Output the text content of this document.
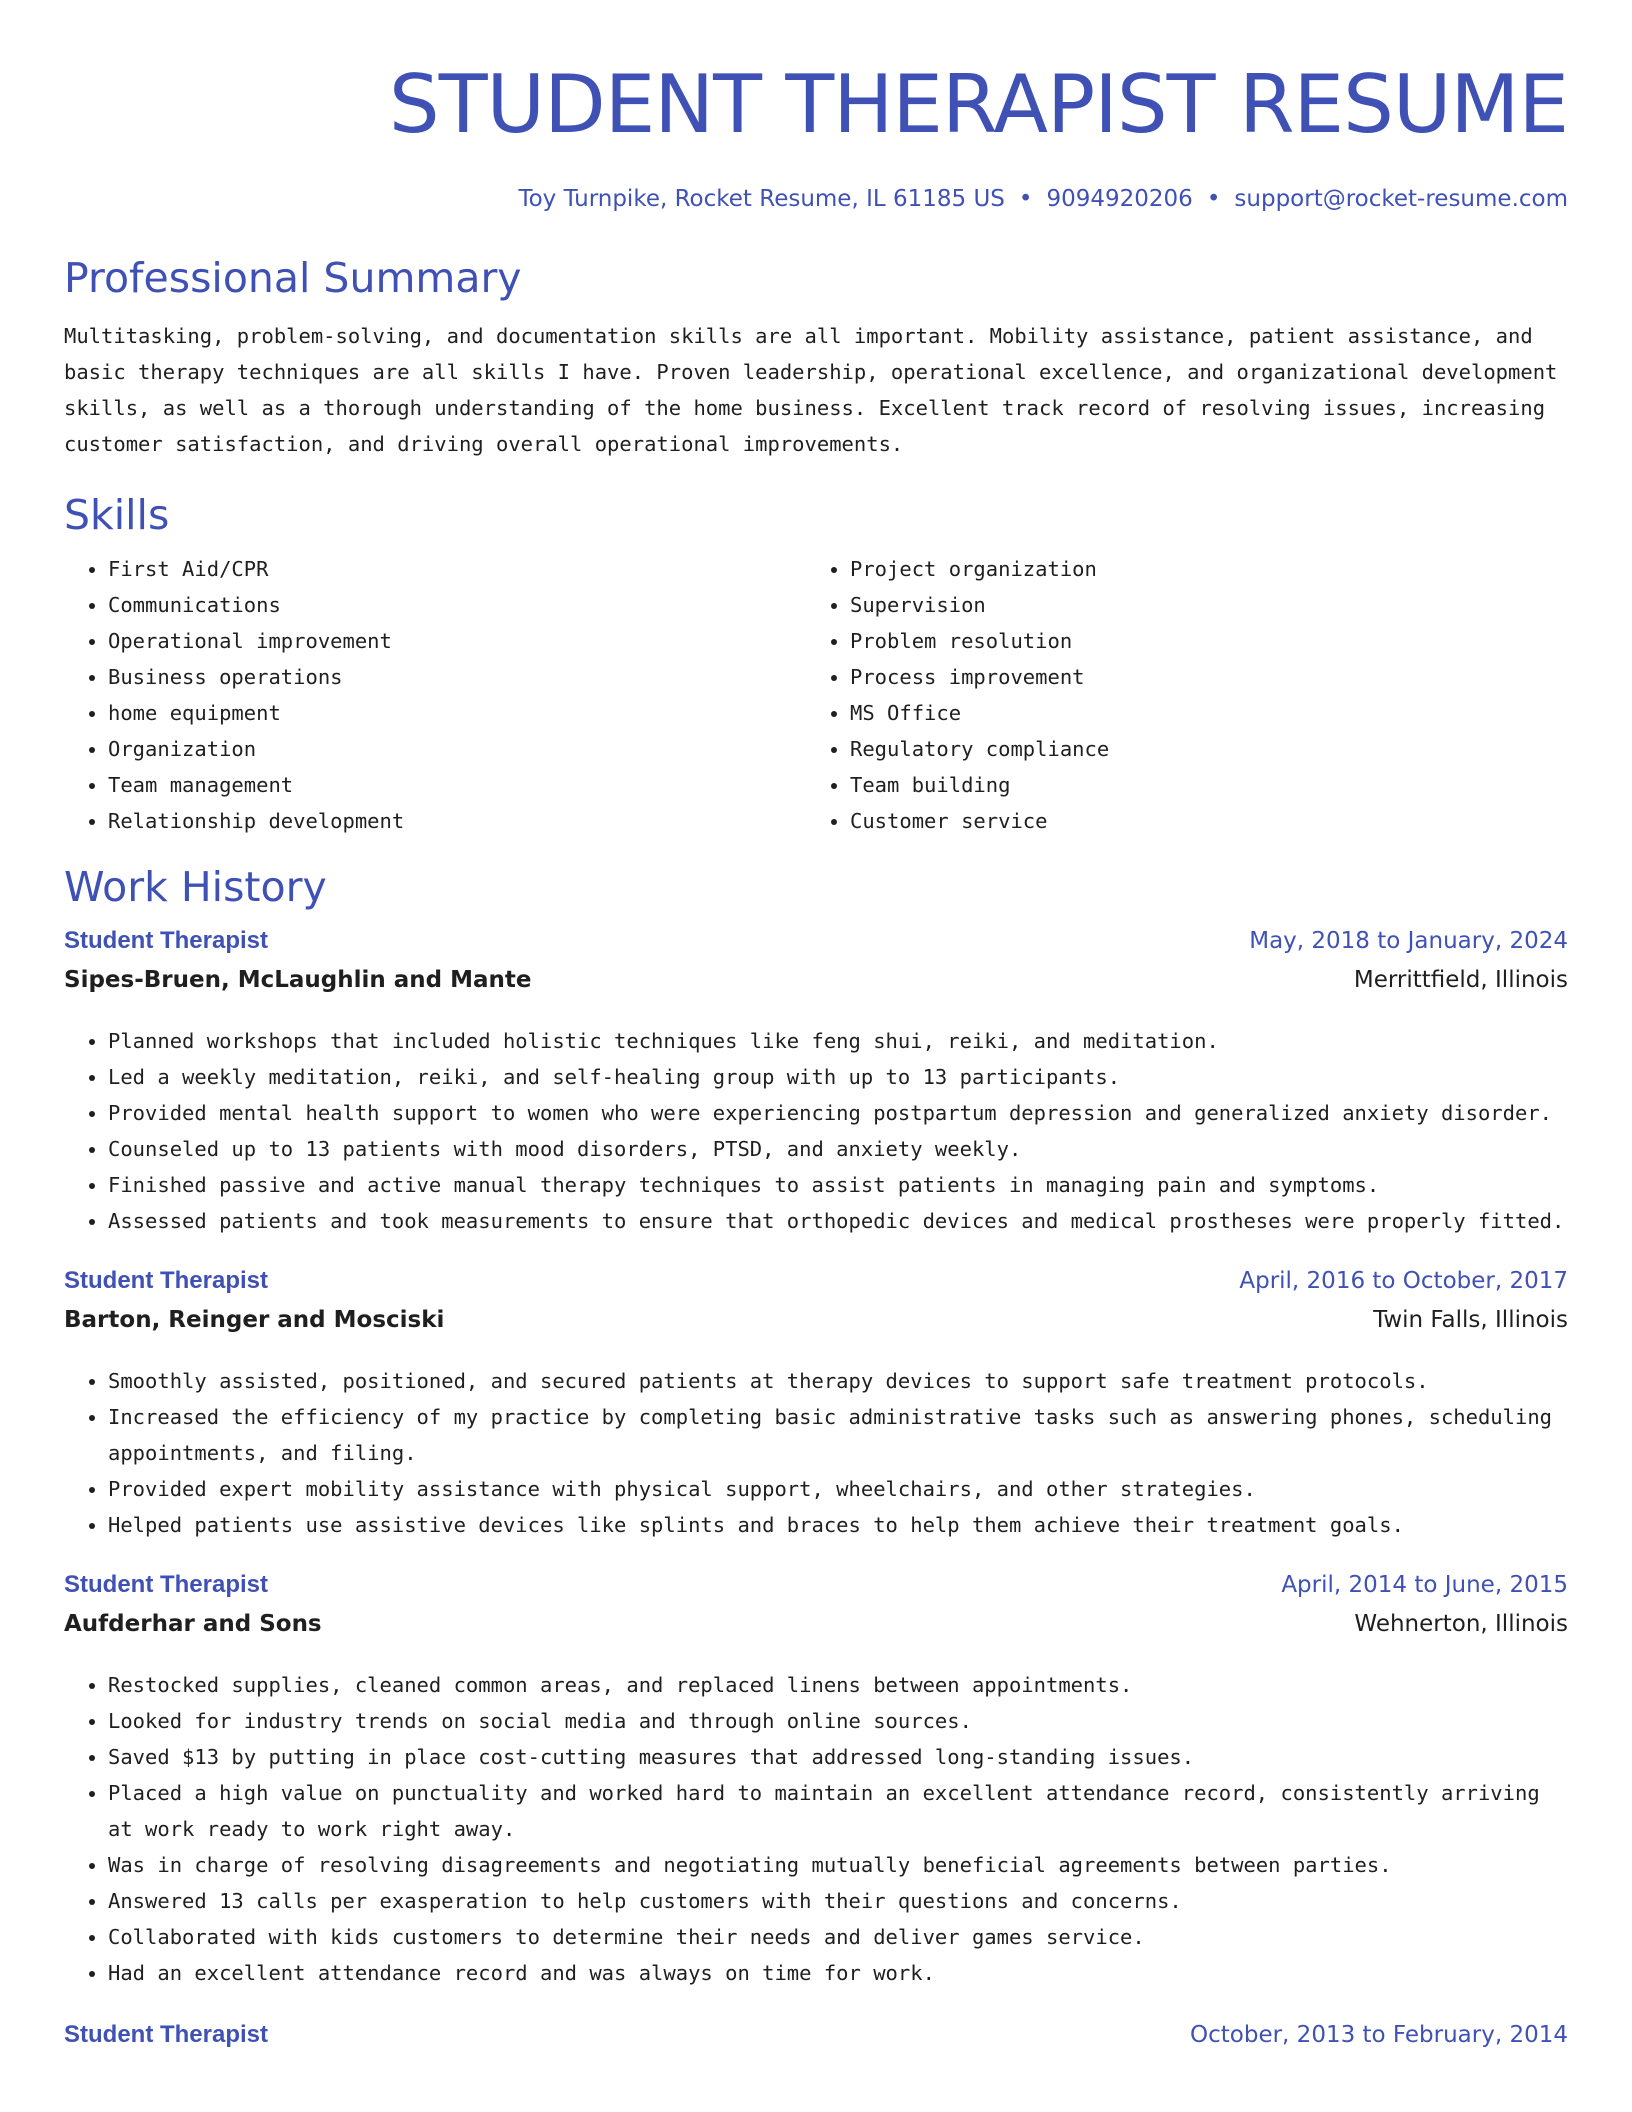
STUDENT THERAPIST RESUME
Toy Turnpike, Rocket Resume, IL 61185 US • 9094920206 • support@rocket-resume.com
Professional Summary

Multitasking, problem-solving, and documentation skills are all important. Mobility assistance, patient assistance, and basic therapy techniques are all skills I have. Proven leadership, operational excellence, and organizational development skills, as well as a thorough understanding of the home business. Excellent track record of resolving issues, increasing customer satisfaction, and driving overall operational improvements.

Skills
• First Aid/CPR
• Communications
• Operational improvement
• Business operations
• home equipment
• Organization
• Team management
• Relationship development
• Project organization
• Supervision
• Problem resolution
• Process improvement
• MS Office
• Regulatory compliance
• Team building
• Customer service
Work History
Student Therapist	May, 2018 to January, 2024
Sipes-Bruen, McLaughlin and Mante	Merrittfield, Illinois
• Planned workshops that included holistic techniques like feng shui, reiki, and meditation.
• Led a weekly meditation, reiki, and self-healing group with up to 13 participants.
• Provided mental health support to women who were experiencing postpartum depression and generalized anxiety disorder.
• Counseled up to 13 patients with mood disorders, PTSD, and anxiety weekly.
• Finished passive and active manual therapy techniques to assist patients in managing pain and symptoms.
• Assessed patients and took measurements to ensure that orthopedic devices and medical prostheses were properly fitted.
Student Therapist	April, 2016 to October, 2017
Barton, Reinger and Mosciski	Twin Falls, Illinois
• Smoothly assisted, positioned, and secured patients at therapy devices to support safe treatment protocols.
• Increased the efficiency of my practice by completing basic administrative tasks such as answering phones, scheduling appointments, and filing.
• Provided expert mobility assistance with physical support, wheelchairs, and other strategies.
• Helped patients use assistive devices like splints and braces to help them achieve their treatment goals.
Student Therapist	April, 2014 to June, 2015
Aufderhar and Sons	Wehnerton, Illinois
• Restocked supplies, cleaned common areas, and replaced linens between appointments.
• Looked for industry trends on social media and through online sources.
• Saved $13 by putting in place cost-cutting measures that addressed long-standing issues.
• Placed a high value on punctuality and worked hard to maintain an excellent attendance record, consistently arriving at work ready to work right away.
• Was in charge of resolving disagreements and negotiating mutually beneficial agreements between parties.
• Answered 13 calls per exasperation to help customers with their questions and concerns.
• Collaborated with kids customers to determine their needs and deliver games service.
• Had an excellent attendance record and was always on time for work.
Student Therapist	October, 2013 to February, 2014
